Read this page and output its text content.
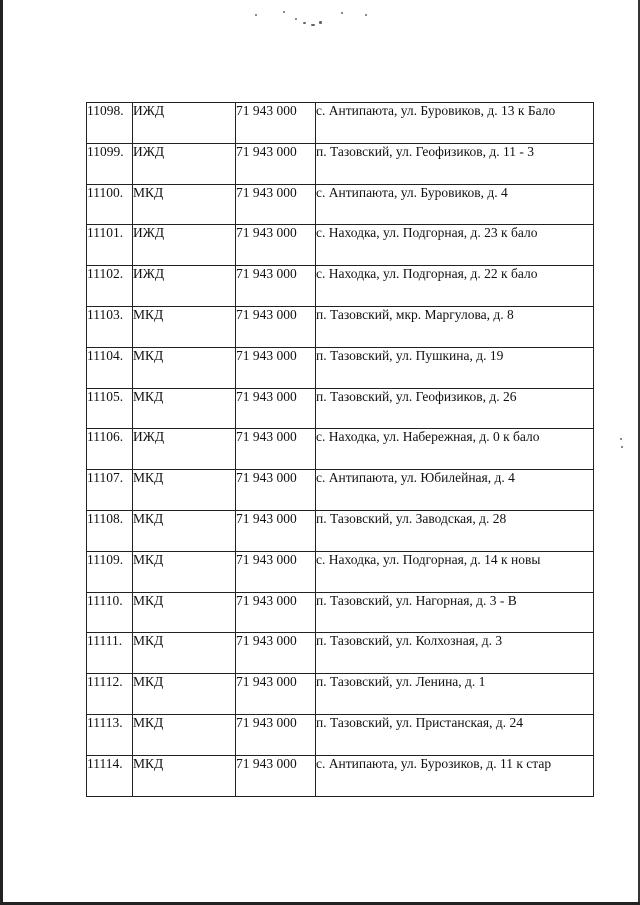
11098.	ИЖД	71 943 000	с. Антипаюта, ул. Буровиков, д. 13 к Бало
11099.	ИЖД	71 943 000	п. Тазовский, ул. Геофизиков, д. 11 - 3
11100.	МКД	71 943 000	с. Антипаюта, ул. Буровиков, д. 4
11101.	ИЖД	71 943 000	с. Находка, ул. Подгорная, д. 23 к бало
11102.	ИЖД	71 943 000	с. Находка, ул. Подгорная, д. 22 к бало
11103.	МКД	71 943 000	п. Тазовский, мкр. Маргулова, д. 8
11104.	МКД	71 943 000	п. Тазовский, ул. Пушкина, д. 19
11105.	МКД	71 943 000	п. Тазовский, ул. Геофизиков, д. 26
11106.	ИЖД	71 943 000	с. Находка, ул. Набережная, д. 0 к бало
11107.	МКД	71 943 000	с. Антипаюта, ул. Юбилейная, д. 4
11108.	МКД	71 943 000	п. Тазовский, ул. Заводская, д. 28
11109.	МКД	71 943 000	с. Находка, ул. Подгорная, д. 14 к новы
11110.	МКД	71 943 000	п. Тазовский, ул. Нагорная, д. 3 - В
11111.	МКД	71 943 000	п. Тазовский, ул. Колхозная, д. 3
11112.	МКД	71 943 000	п. Тазовский, ул. Ленина, д. 1
11113.	МКД	71 943 000	п. Тазовский, ул. Пристанская, д. 24
11114.	МКД	71 943 000	с. Антипаюта, ул. Бурозиков, д. 11 к стар
